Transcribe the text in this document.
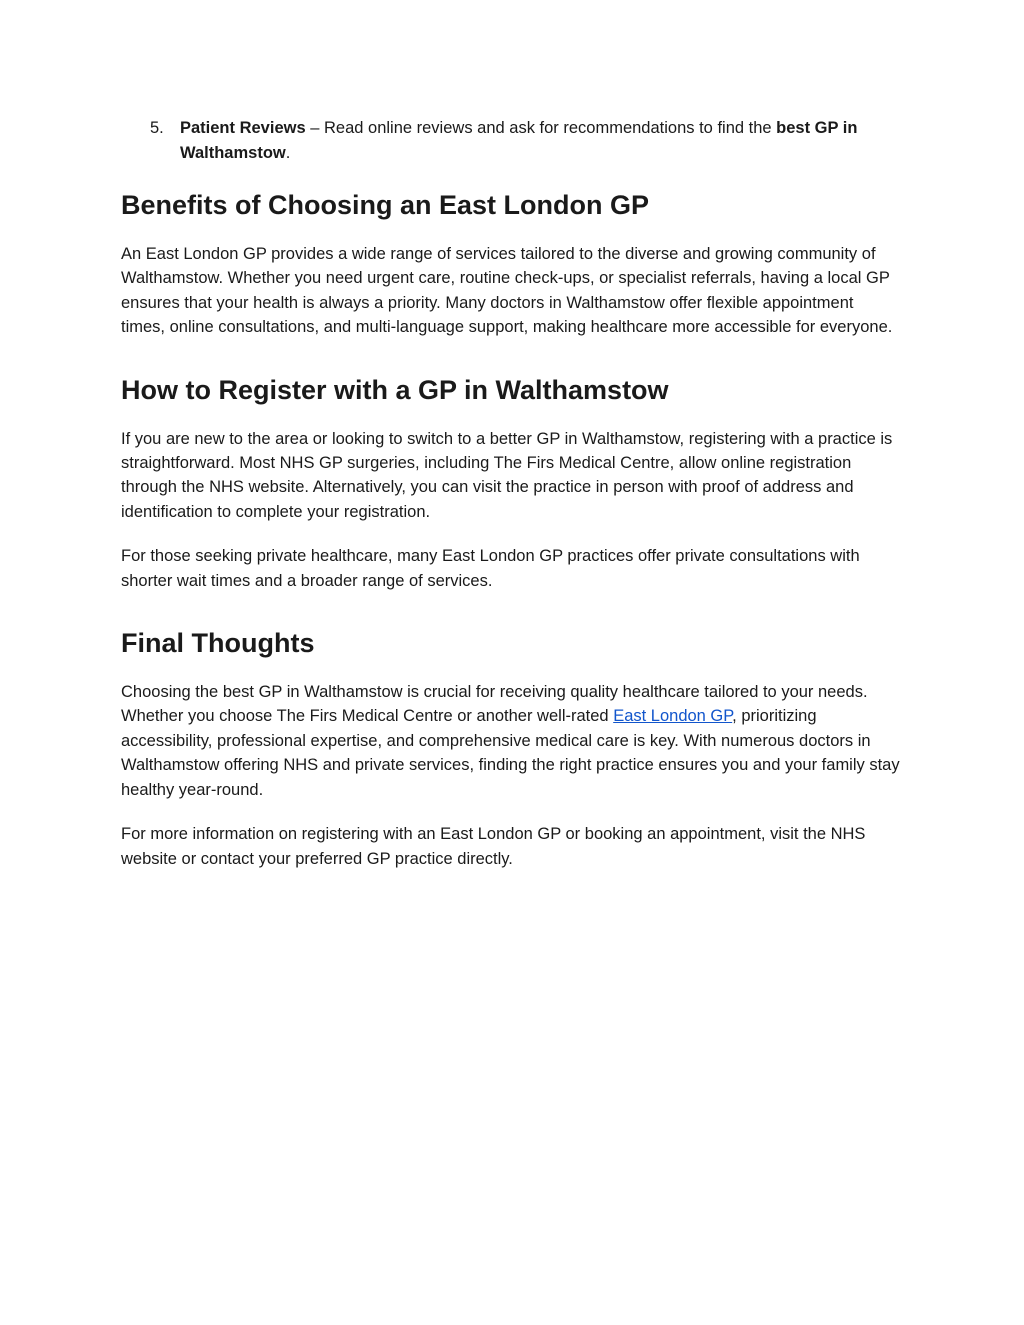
5. Patient Reviews – Read online reviews and ask for recommendations to find the best GP in Walthamstow.
Benefits of Choosing an East London GP

An East London GP provides a wide range of services tailored to the diverse and growing community of Walthamstow. Whether you need urgent care, routine check-ups, or specialist referrals, having a local GP ensures that your health is always a priority. Many doctors in Walthamstow offer flexible appointment times, online consultations, and multi-language support, making healthcare more accessible for everyone.

How to Register with a GP in Walthamstow

If you are new to the area or looking to switch to a better GP in Walthamstow, registering with a practice is straightforward. Most NHS GP surgeries, including The Firs Medical Centre, allow online registration through the NHS website. Alternatively, you can visit the practice in person with proof of address and identification to complete your registration.

For those seeking private healthcare, many East London GP practices offer private consultations with shorter wait times and a broader range of services.

Final Thoughts

Choosing the best GP in Walthamstow is crucial for receiving quality healthcare tailored to your needs. Whether you choose The Firs Medical Centre or another well-rated East London GP, prioritizing accessibility, professional expertise, and comprehensive medical care is key. With numerous doctors in Walthamstow offering NHS and private services, finding the right practice ensures you and your family stay healthy year-round.

For more information on registering with an East London GP or booking an appointment, visit the NHS website or contact your preferred GP practice directly.
